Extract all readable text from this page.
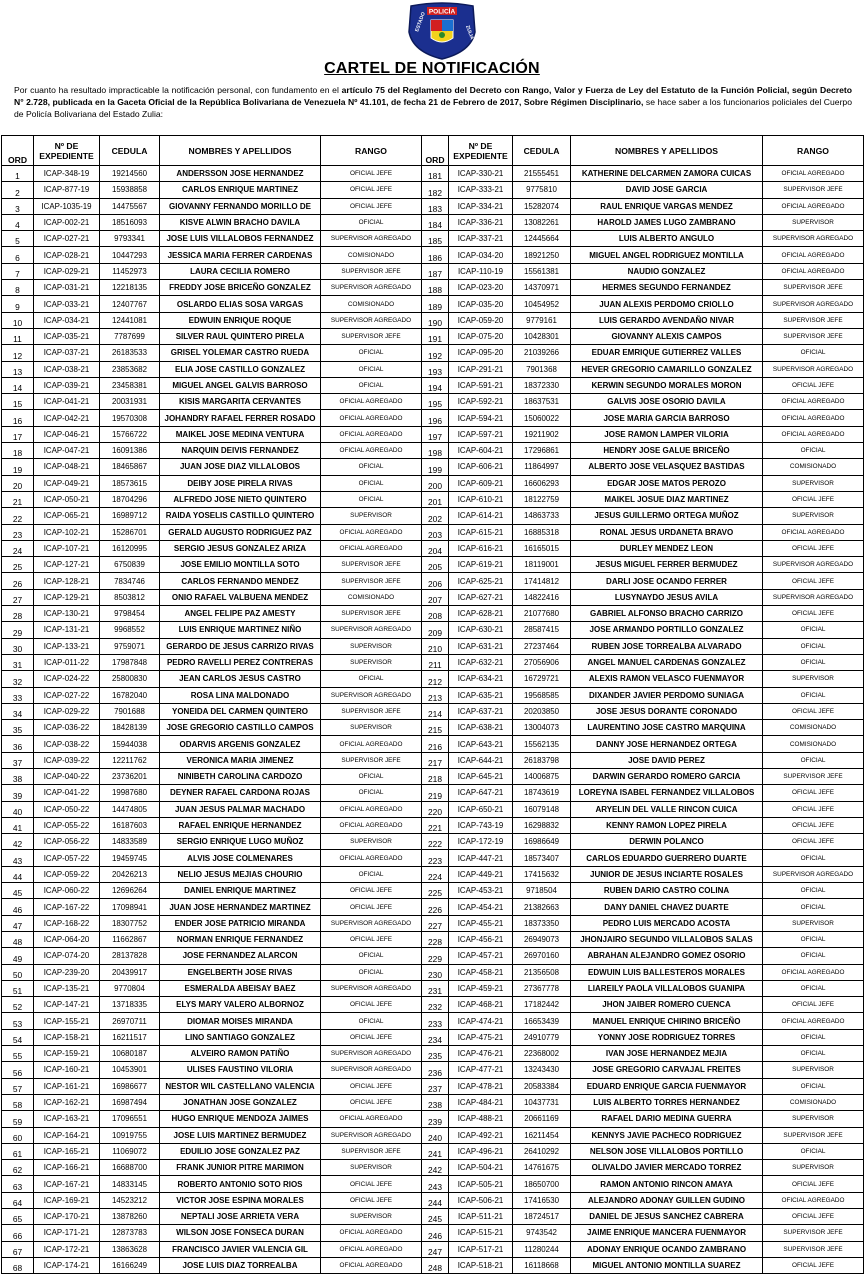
POLICÍA
ESTADO	ZULIA
CARTEL DE NOTIFICACIÓN
Por cuanto ha resultado impracticable la notificación personal, con fundamento en el artículo 75 del Reglamento del Decreto con Rango, Valor y Fuerza de Ley del Estatuto de la Función Policial, según Decreto N° 2.728, publicada en la Gaceta Oficial de la República Bolivariana de Venezuela Nº 41.101, de fecha 21 de Febrero de 2017, Sobre Régimen Disciplinario, se hace saber a los funcionarios policiales del Cuerpo de Policía Bolivariana del Estado Zulia:
ORD	Nº DE EXPEDIENTE	CEDULA	NOMBRES Y APELLIDOS	RANGO
1	ICAP-348-19	19214560	ANDERSSON JOSE HERNANDEZ	OFICIAL JEFE
2	ICAP-877-19	15938858	CARLOS ENRIQUE MARTINEZ	OFICIAL JEFE
3	ICAP-1035-19	14475567	GIOVANNY FERNANDO MORILLO DE	OFICIAL JEFE
4	ICAP-002-21	18516093	KISVE ALWIN BRACHO DAVILA	OFICIAL
5	ICAP-027-21	9793341	JOSE LUIS VILLALOBOS FERNANDEZ	SUPERVISOR AGREGADO
6	ICAP-028-21	10447293	JESSICA MARIA FERRER CARDENAS	COMISIONADO
7	ICAP-029-21	11452973	LAURA CECILIA ROMERO	SUPERVISOR JEFE
8	ICAP-031-21	12218135	FREDDY JOSE BRICEÑO GONZALEZ	SUPERVISOR AGREGADO
9	ICAP-033-21	12407767	OSLARDO ELIAS SOSA VARGAS	COMISIONADO
10	ICAP-034-21	12441081	EDWUIN ENRIQUE ROQUE	SUPERVISOR AGREGADO
11	ICAP-035-21	7787699	SILVER RAUL QUINTERO PIRELA	SUPERVISOR JEFE
12	ICAP-037-21	26183533	GRISEL YOLEMAR CASTRO RUEDA	OFICIAL
13	ICAP-038-21	23853682	ELIA JOSE CASTILLO GONZALEZ	OFICIAL
14	ICAP-039-21	23458381	MIGUEL ANGEL GALVIS BARROSO	OFICIAL
15	ICAP-041-21	20031931	KISIS MARGARITA CERVANTES	OFICIAL AGREGADO
16	ICAP-042-21	19570308	JOHANDRY RAFAEL FERRER ROSADO	OFICIAL AGREGADO
17	ICAP-046-21	15766722	MAIKEL JOSE MEDINA VENTURA	OFICIAL AGREGADO
18	ICAP-047-21	16091386	NARQUIN DEIVIS FERNANDEZ	OFICIAL AGREGADO
19	ICAP-048-21	18465867	JUAN JOSE DIAZ VILLALOBOS	OFICIAL
20	ICAP-049-21	18573615	DEIBY JOSE PIRELA RIVAS	OFICIAL
21	ICAP-050-21	18704296	ALFREDO JOSE NIETO QUINTERO	OFICIAL
22	ICAP-065-21	16989712	RAIDA YOSELIS CASTILLO QUINTERO	SUPERVISOR
23	ICAP-102-21	15286701	GERALD AUGUSTO RODRIGUEZ PAZ	OFICIAL AGREGADO
24	ICAP-107-21	16120995	SERGIO JESUS GONZALEZ ARIZA	OFICIAL AGREGADO
25	ICAP-127-21	6750839	JOSE EMILIO MONTILLA SOTO	SUPERVISOR JEFE
26	ICAP-128-21	7834746	CARLOS FERNANDO MENDEZ	SUPERVISOR JEFE
27	ICAP-129-21	8503812	ONIO RAFAEL VALBUENA MENDEZ	COMISIONADO
28	ICAP-130-21	9798454	ANGEL FELIPE PAZ AMESTY	SUPERVISOR JEFE
29	ICAP-131-21	9968552	LUIS ENRIQUE MARTINEZ NIÑO	SUPERVISOR AGREGADO
30	ICAP-133-21	9759071	GERARDO DE JESUS CARRIZO RIVAS	SUPERVISOR
31	ICAP-011-22	17987848	PEDRO RAVELLI PEREZ CONTRERAS	SUPERVISOR
32	ICAP-024-22	25800830	JEAN CARLOS JESUS CASTRO	OFICIAL
33	ICAP-027-22	16782040	ROSA LINA MALDONADO	SUPERVISOR AGREGADO
34	ICAP-029-22	7901688	YONEIDA DEL CARMEN QUINTERO	SUPERVISOR JEFE
35	ICAP-036-22	18428139	JOSE GREGORIO CASTILLO CAMPOS	SUPERVISOR
36	ICAP-038-22	15944038	ODARVIS ARGENIS GONZALEZ	OFICIAL AGREGADO
37	ICAP-039-22	12211762	VERONICA MARIA JIMENEZ	SUPERVISOR JEFE
38	ICAP-040-22	23736201	NINIBETH CAROLINA CARDOZO	OFICIAL
39	ICAP-041-22	19987680	DEYNER RAFAEL CARDONA ROJAS	OFICIAL
40	ICAP-050-22	14474805	JUAN JESUS PALMAR MACHADO	OFICIAL AGREGADO
41	ICAP-055-22	16187603	RAFAEL ENRIQUE HERNANDEZ	OFICIAL AGREGADO
42	ICAP-056-22	14833589	SERGIO ENRIQUE LUGO MUÑOZ	SUPERVISOR
43	ICAP-057-22	19459745	ALVIS JOSE COLMENARES	OFICIAL AGREGADO
44	ICAP-059-22	20426213	NELIO JESUS MEJIAS CHOURIO	OFICIAL
45	ICAP-060-22	12696264	DANIEL ENRIQUE MARTINEZ	OFICIAL JEFE
46	ICAP-167-22	17098941	JUAN JOSE HERNANDEZ MARTINEZ	OFICIAL JEFE
47	ICAP-168-22	18307752	ENDER JOSE PATRICIO MIRANDA	SUPERVISOR AGREGADO
48	ICAP-064-20	11662867	NORMAN ENRIQUE FERNANDEZ	OFICIAL JEFE
49	ICAP-074-20	28137828	JOSE FERNANDEZ ALARCON	OFICIAL
50	ICAP-239-20	20439917	ENGELBERTH JOSE RIVAS	OFICIAL
51	ICAP-135-21	9770804	ESMERALDA ABEISAY BAEZ	SUPERVISOR AGREGADO
52	ICAP-147-21	13718335	ELYS MARY VALERO ALBORNOZ	OFICIAL JEFE
53	ICAP-155-21	26970711	DIOMAR MOISES MIRANDA	OFICIAL
54	ICAP-158-21	16211517	LINO SANTIAGO GONZALEZ	OFICIAL JEFE
55	ICAP-159-21	10680187	ALVEIRO RAMON PATIÑO	SUPERVISOR AGREGADO
56	ICAP-160-21	10453901	ULISES FAUSTINO VILORIA	SUPERVISOR AGREGADO
57	ICAP-161-21	16986677	NESTOR WIL CASTELLANO VALENCIA	OFICIAL JEFE
58	ICAP-162-21	16987494	JONATHAN JOSE GONZALEZ	OFICIAL JEFE
59	ICAP-163-21	17096551	HUGO ENRIQUE MENDOZA JAIMES	OFICIAL AGREGADO
60	ICAP-164-21	10919755	JOSE LUIS MARTINEZ BERMUDEZ	SUPERVISOR AGREGADO
61	ICAP-165-21	11069072	EDUILIO JOSE GONZALEZ PAZ	SUPERVISOR JEFE
62	ICAP-166-21	16688700	FRANK JUNIOR PITRE MARIMON	SUPERVISOR
63	ICAP-167-21	14833145	ROBERTO ANTONIO SOTO RIOS	OFICIAL JEFE
64	ICAP-169-21	14523212	VICTOR JOSE ESPINA MORALES	OFICIAL JEFE
65	ICAP-170-21	13878260	NEPTALI JOSE ARRIETA VERA	SUPERVISOR
66	ICAP-171-21	12873783	WILSON JOSE FONSECA DURAN	OFICIAL AGREGADO
67	ICAP-172-21	13863628	FRANCISCO JAVIER VALENCIA GIL	OFICIAL AGREGADO
68	ICAP-174-21	16166249	JOSE LUIS DIAZ TORREALBA	OFICIAL AGREGADO
ORD	Nº DE EXPEDIENTE	CEDULA	NOMBRES Y APELLIDOS	RANGO
181	ICAP-330-21	21555451	KATHERINE DELCARMEN ZAMORA CUICAS	OFICIAL AGREGADO
182	ICAP-333-21	9775810	DAVID JOSE GARCIA	SUPERVISOR JEFE
183	ICAP-334-21	15282074	RAUL ENRIQUE VARGAS MENDEZ	OFICIAL AGREGADO
184	ICAP-336-21	13082261	HAROLD JAMES LUGO ZAMBRANO	SUPERVISOR
185	ICAP-337-21	12445664	LUIS ALBERTO ANGULO	SUPERVISOR AGREGADO
186	ICAP-034-20	18921250	MIGUEL ANGEL RODRIGUEZ MONTILLA	OFICIAL AGREGADO
187	ICAP-110-19	15561381	NAUDIO GONZALEZ	OFICIAL AGREGADO
188	ICAP-023-20	14370971	HERMES SEGUNDO FERNANDEZ	SUPERVISOR JEFE
189	ICAP-035-20	10454952	JUAN ALEXIS PERDOMO CRIOLLO	SUPERVISOR AGREGADO
190	ICAP-059-20	9779161	LUIS GERARDO AVENDAÑO NIVAR	SUPERVISOR JEFE
191	ICAP-075-20	10428301	GIOVANNY ALEXIS CAMPOS	SUPERVISOR JEFE
192	ICAP-095-20	21039266	EDUAR EMRIQUE GUTIERREZ VALLES	OFICIAL
193	ICAP-291-21	7901368	HEVER GREGORIO CAMARILLO GONZALEZ	SUPERVISOR AGREGADO
194	ICAP-591-21	18372330	KERWIN SEGUNDO MORALES MORON	OFICIAL JEFE
195	ICAP-592-21	18637531	GALVIS JOSE OSORIO DAVILA	OFICIAL AGREGADO
196	ICAP-594-21	15060022	JOSE MARIA GARCIA BARROSO	OFICIAL AGREGADO
197	ICAP-597-21	19211902	JOSE RAMON LAMPER VILORIA	OFICIAL AGREGADO
198	ICAP-604-21	17296861	HENDRY JOSE GALUE BRICEÑO	OFICIAL
199	ICAP-606-21	11864997	ALBERTO JOSE VELASQUEZ BASTIDAS	COMISIONADO
200	ICAP-609-21	16606293	EDGAR JOSE MATOS PEROZO	SUPERVISOR
201	ICAP-610-21	18122759	MAIKEL JOSUE DIAZ MARTINEZ	OFICIAL JEFE
202	ICAP-614-21	14863733	JESUS GUILLERMO ORTEGA MUÑOZ	SUPERVISOR
203	ICAP-615-21	16885318	RONAL JESUS URDANETA BRAVO	OFICIAL AGREGADO
204	ICAP-616-21	16165015	DURLEY MENDEZ LEON	OFICIAL JEFE
205	ICAP-619-21	18119001	JESUS MIGUEL FERRER BERMUDEZ	SUPERVISOR AGREGADO
206	ICAP-625-21	17414812	DARLI JOSE OCANDO FERRER	OFICIAL JEFE
207	ICAP-627-21	14822416	LUSYNAYDO JESUS AVILA	SUPERVISOR AGREGADO
208	ICAP-628-21	21077680	GABRIEL ALFONSO BRACHO CARRIZO	OFICIAL JEFE
209	ICAP-630-21	28587415	JOSE ARMANDO PORTILLO GONZALEZ	OFICIAL
210	ICAP-631-21	27237464	RUBEN JOSE TORREALBA ALVARADO	OFICIAL
211	ICAP-632-21	27056906	ANGEL MANUEL CARDENAS GONZALEZ	OFICIAL
212	ICAP-634-21	16729721	ALEXIS RAMON VELASCO FUENMAYOR	SUPERVISOR
213	ICAP-635-21	19568585	DIXANDER JAVIER PERDOMO SUNIAGA	OFICIAL
214	ICAP-637-21	20203850	JOSE JESUS DORANTE CORONADO	OFICIAL JEFE
215	ICAP-638-21	13004073	LAURENTINO JOSE CASTRO MARQUINA	COMISIONADO
216	ICAP-643-21	15562135	DANNY JOSE HERNANDEZ ORTEGA	COMISIONADO
217	ICAP-644-21	26183798	JOSE DAVID PEREZ	OFICIAL
218	ICAP-645-21	14006875	DARWIN GERARDO ROMERO GARCIA	SUPERVISOR JEFE
219	ICAP-647-21	18743619	LOREYNA ISABEL FERNANDEZ VILLALOBOS	OFICIAL JEFE
220	ICAP-650-21	16079148	ARYELIN DEL VALLE RINCON CUICA	OFICIAL JEFE
221	ICAP-743-19	16298832	KENNY RAMON LOPEZ PIRELA	OFICIAL JEFE
222	ICAP-172-19	16986649	DERWIN POLANCO	OFICIAL JEFE
223	ICAP-447-21	18573407	CARLOS EDUARDO GUERRERO DUARTE	OFICIAL
224	ICAP-449-21	17415632	JUNIOR DE JESUS INCIARTE ROSALES	SUPERVISOR AGREGADO
225	ICAP-453-21	9718504	RUBEN DARIO CASTRO COLINA	OFICIAL
226	ICAP-454-21	21382663	DANY DANIEL CHAVEZ DUARTE	OFICIAL
227	ICAP-455-21	18373350	PEDRO LUIS MERCADO ACOSTA	SUPERVISOR
228	ICAP-456-21	26949073	JHONJAIRO SEGUNDO VILLALOBOS SALAS	OFICIAL
229	ICAP-457-21	26970160	ABRAHAN ALEJANDRO GOMEZ OSORIO	OFICIAL
230	ICAP-458-21	21356508	EDWUIN LUIS BALLESTEROS MORALES	OFICIAL AGREGADO
231	ICAP-459-21	27367778	LIAREILY PAOLA VILLALOBOS GUANIPA	OFICIAL
232	ICAP-468-21	17182442	JHON JAIBER ROMERO CUENCA	OFICIAL JEFE
233	ICAP-474-21	16653439	MANUEL ENRIQUE CHIRINO BRICEÑO	OFICIAL AGREGADO
234	ICAP-475-21	24910779	YONNY JOSE RODRIGUEZ TORRES	OFICIAL
235	ICAP-476-21	22368002	IVAN JOSE HERNANDEZ MEJIA	OFICIAL
236	ICAP-477-21	13243430	JOSE GREGORIO CARVAJAL FREITES	SUPERVISOR
237	ICAP-478-21	20583384	EDUARD ENRIQUE GARCIA FUENMAYOR	OFICIAL
238	ICAP-484-21	10437731	LUIS ALBERTO TORRES HERNANDEZ	COMISIONADO
239	ICAP-488-21	20661169	RAFAEL DARIO MEDINA GUERRA	SUPERVISOR
240	ICAP-492-21	16211454	KENNYS JAVIE PACHECO RODRIGUEZ	SUPERVISOR JEFE
241	ICAP-496-21	26410292	NELSON JOSE VILLALOBOS PORTILLO	OFICIAL
242	ICAP-504-21	14761675	OLIVALDO JAVIER MERCADO TORREZ	SUPERVISOR
243	ICAP-505-21	18650700	RAMON ANTONIO RINCON AMAYA	OFICIAL JEFE
244	ICAP-506-21	17416530	ALEJANDRO ADONAY GUILLEN GUDINO	OFICIAL AGREGADO
245	ICAP-511-21	18724517	DANIEL DE JESUS SANCHEZ CABRERA	OFICIAL JEFE
246	ICAP-515-21	9743542	JAIME ENRIQUE MANCERA FUENMAYOR	SUPERVISOR JEFE
247	ICAP-517-21	11280244	ADONAY ENRIQUE OCANDO ZAMBRANO	SUPERVISOR JEFE
248	ICAP-518-21	16118668	MIGUEL ANTONIO MONTILLA SUAREZ	OFICIAL JEFE
